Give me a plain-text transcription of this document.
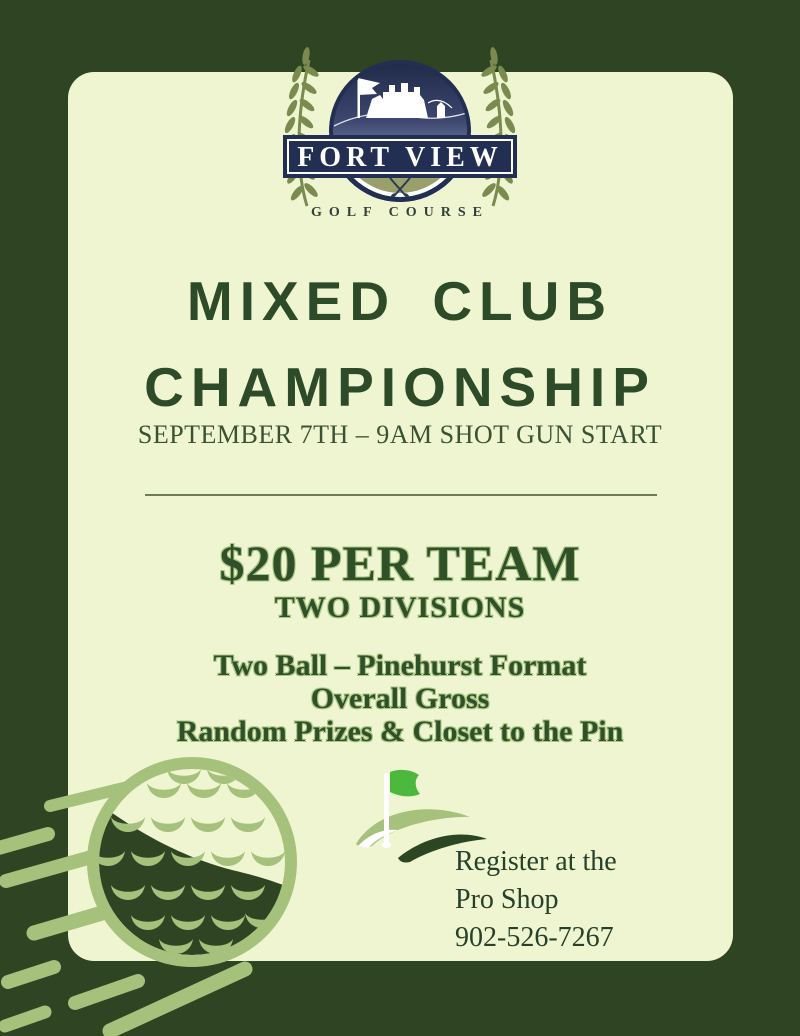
FORT VIEW
GOLF COURSE
MIXED CLUB
CHAMPIONSHIP
SEPTEMBER 7TH – 9AM SHOT GUN START
$20 PER TEAM
TWO DIVISIONS
Two Ball – Pinehurst Format
Overall Gross
Random Prizes & Closet to the Pin
Register at the
Pro Shop
902-526-7267
